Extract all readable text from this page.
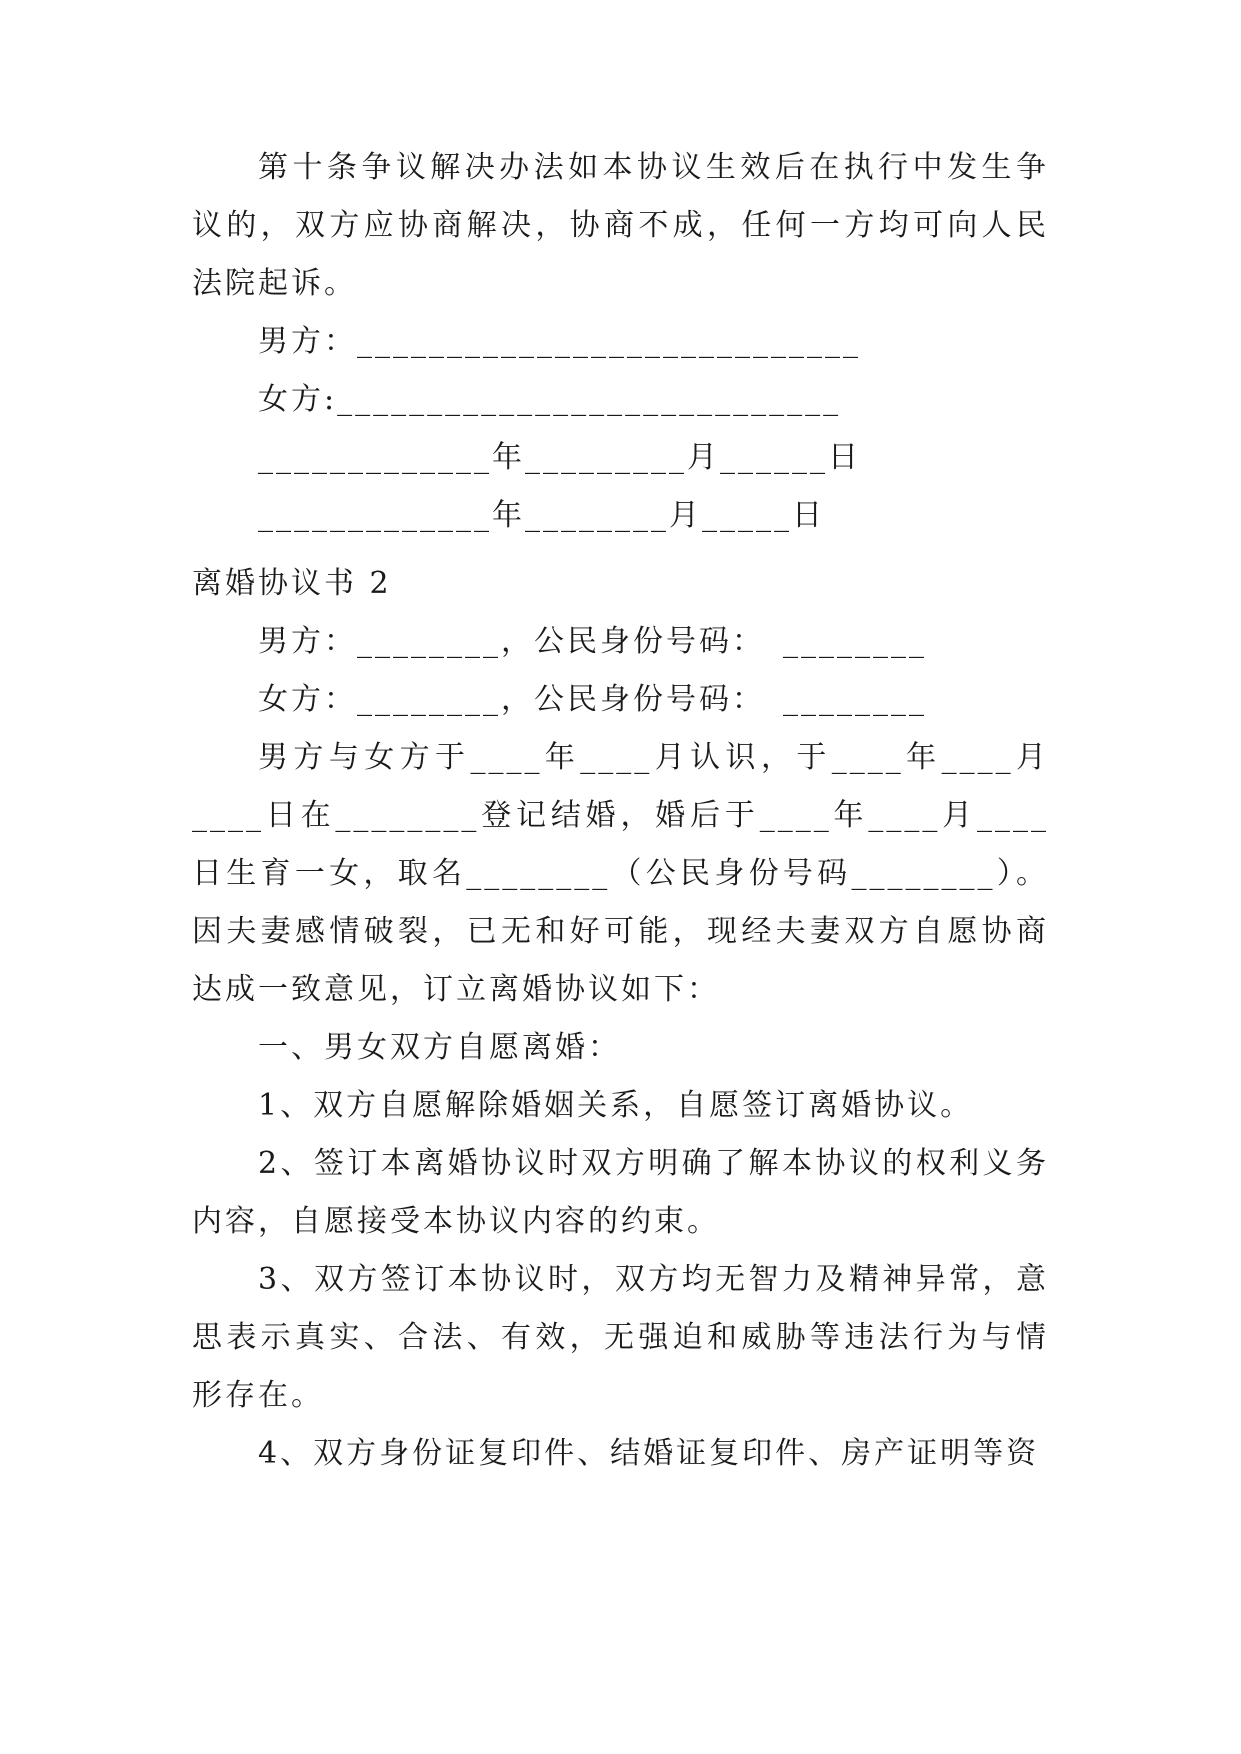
第十条争议解决办法如本协议生效后在执行中发生争议的，双方应协商解决，协商不成，任何一方均可向人民法院起诉。

男方：____________________________

女方:____________________________

_____________年_________月______日

_____________年________月_____日

离婚协议书 2

男方：________，公民身份号码：　________

女方：________，公民身份号码：　________

男方与女方于____年____月认识，于____年____月____日在________登记结婚，婚后于____年____月____日生育一女，取名________（公民身份号码________）。因夫妻感情破裂，已无和好可能，现经夫妻双方自愿协商达成一致意见，订立离婚协议如下：

一、男女双方自愿离婚：

1、双方自愿解除婚姻关系，自愿签订离婚协议。

2、签订本离婚协议时双方明确了解本协议的权利义务内容，自愿接受本协议内容的约束。

3、双方签订本协议时，双方均无智力及精神异常，意思表示真实、合法、有效，无强迫和威胁等违法行为与情形存在。

4、双方身份证复印件、结婚证复印件、房产证明等资
